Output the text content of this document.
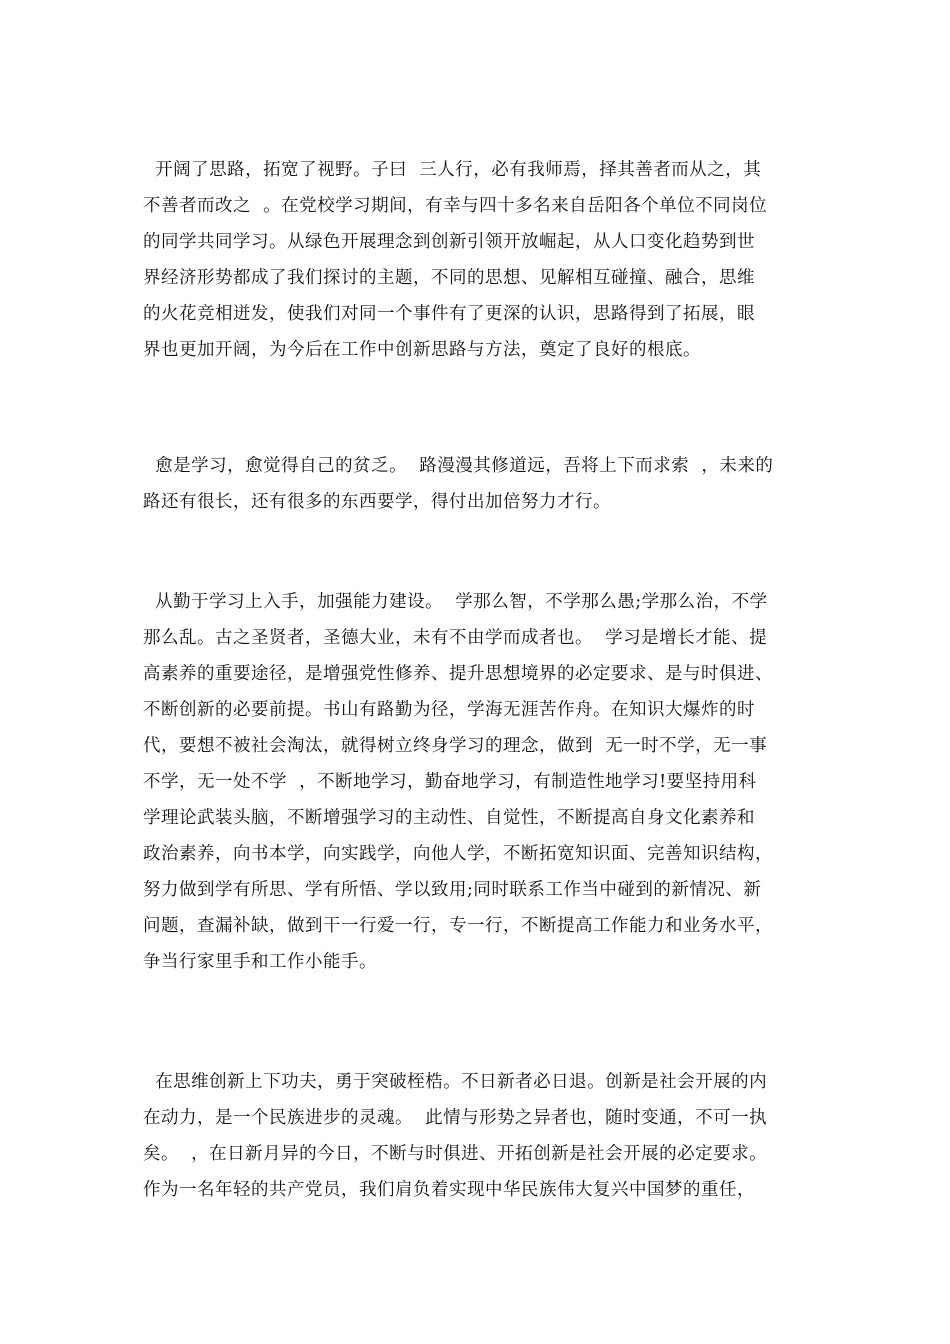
开阔了思路，拓宽了视野。子曰  三人行，必有我师焉，择其善者而从之，其
不善者而改之  。在党校学习期间，有幸与四十多名来自岳阳各个单位不同岗位
的同学共同学习。从绿色开展理念到创新引领开放崛起，从人口变化趋势到世
界经济形势都成了我们探讨的主题，不同的思想、见解相互碰撞、融合，思维
的火花竞相迸发，使我们对同一个事件有了更深的认识，思路得到了拓展，眼
界也更加开阔，为今后在工作中创新思路与方法，奠定了良好的根底。
愈是学习，愈觉得自己的贫乏。  路漫漫其修道远，吾将上下而求索  ，未来的
路还有很长，还有很多的东西要学，得付出加倍努力才行。
从勤于学习上入手，加强能力建设。  学那么智，不学那么愚;学那么治，不学
那么乱。古之圣贤者，圣德大业，未有不由学而成者也。  学习是增长才能、提
高素养的重要途径，是增强党性修养、提升思想境界的必定要求、是与时俱进、
不断创新的必要前提。书山有路勤为径，学海无涯苦作舟。在知识大爆炸的时
代，要想不被社会淘汰，就得树立终身学习的理念，做到  无一时不学，无一事
不学，无一处不学  ，不断地学习，勤奋地学习，有制造性地学习!要坚持用科
学理论武装头脑，不断增强学习的主动性、自觉性，不断提高自身文化素养和
政治素养，向书本学，向实践学，向他人学，不断拓宽知识面、完善知识结构，
努力做到学有所思、学有所悟、学以致用;同时联系工作当中碰到的新情况、新
问题，查漏补缺，做到干一行爱一行，专一行，不断提高工作能力和业务水平，
争当行家里手和工作小能手。
在思维创新上下功夫，勇于突破桎梏。不日新者必日退。创新是社会开展的内
在动力，是一个民族进步的灵魂。  此情与形势之异者也，随时变通，不可一执
矣。  ，在日新月异的今日，不断与时俱进、开拓创新是社会开展的必定要求。
作为一名年轻的共产党员，我们肩负着实现中华民族伟大复兴中国梦的重任，
